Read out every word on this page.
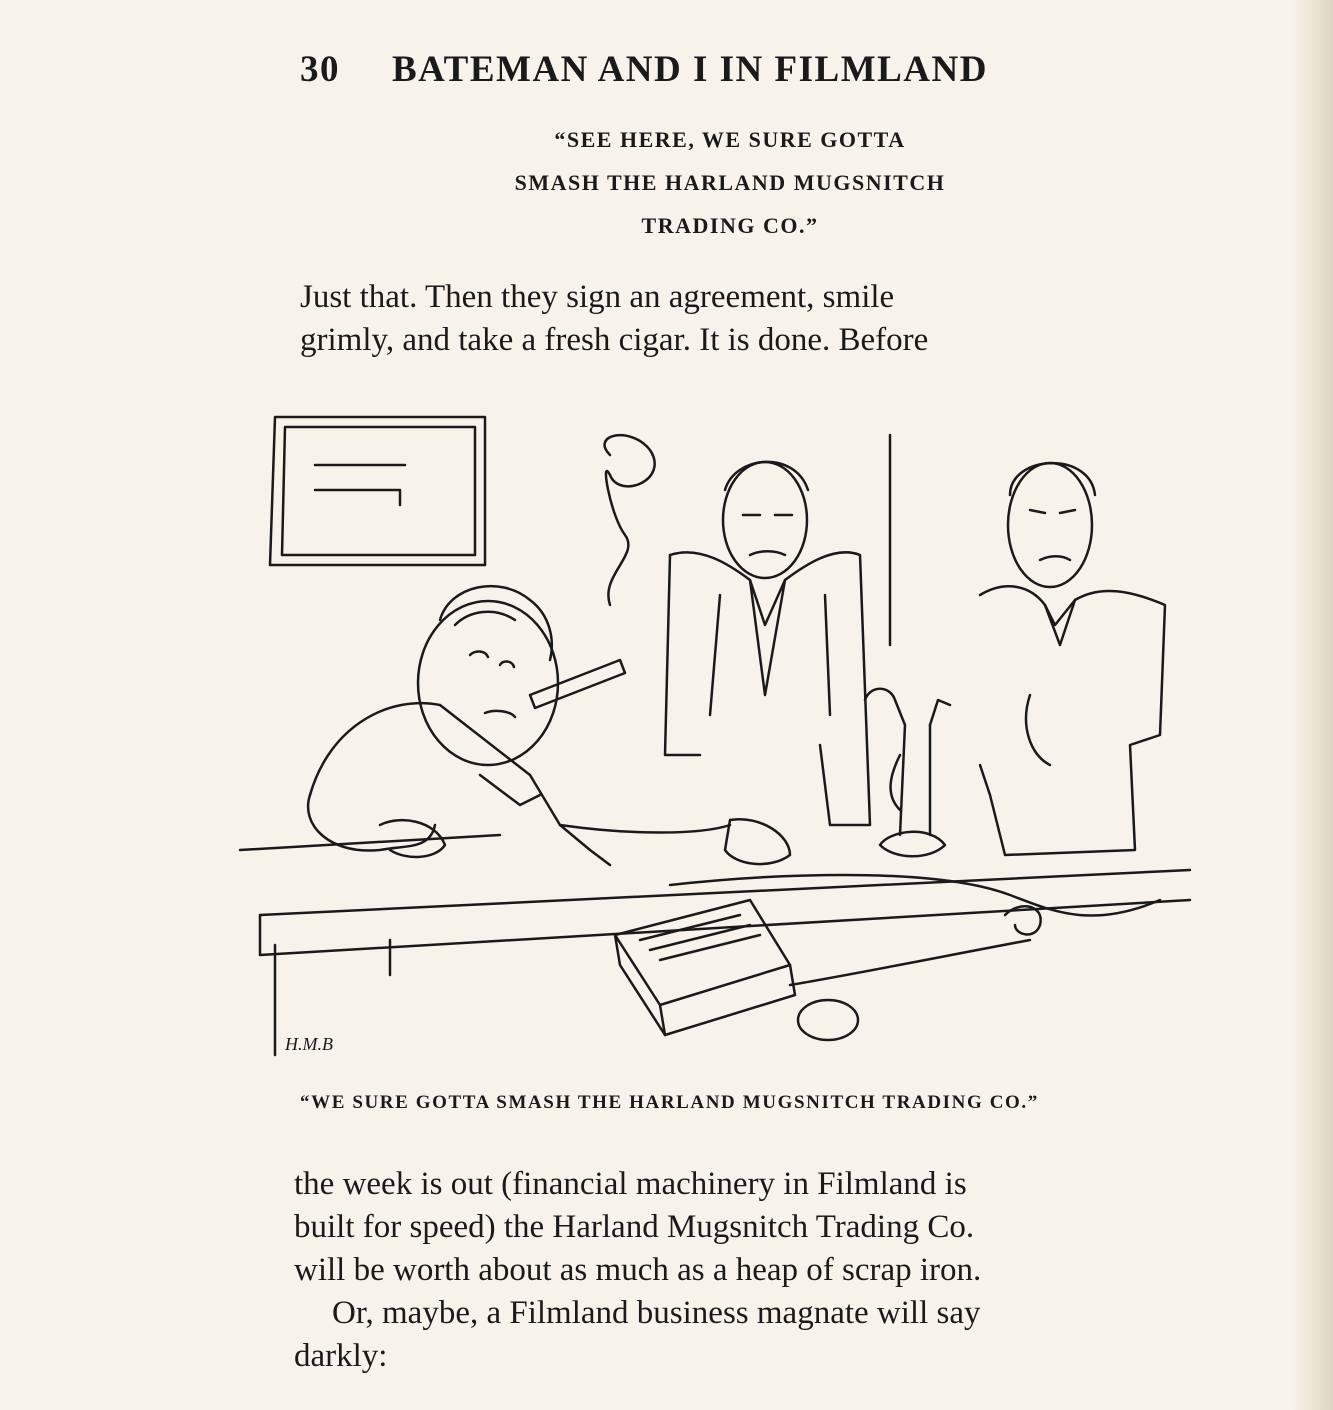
30 BATEMAN AND I IN FILMLAND
“SEE HERE, WE SURE GOTTA
SMASH THE HARLAND MUGSNITCH
TRADING CO.”
Just that. Then they sign an agreement, smile
grimly, and take a fresh cigar. It is done. Before
H.M.B
“WE SURE GOTTA SMASH THE HARLAND MUGSNITCH TRADING CO.”
the week is out (financial machinery in Filmland is
built for speed) the Harland Mugsnitch Trading Co.
will be worth about as much as a heap of scrap iron.
Or, maybe, a Filmland business magnate will say
darkly:
